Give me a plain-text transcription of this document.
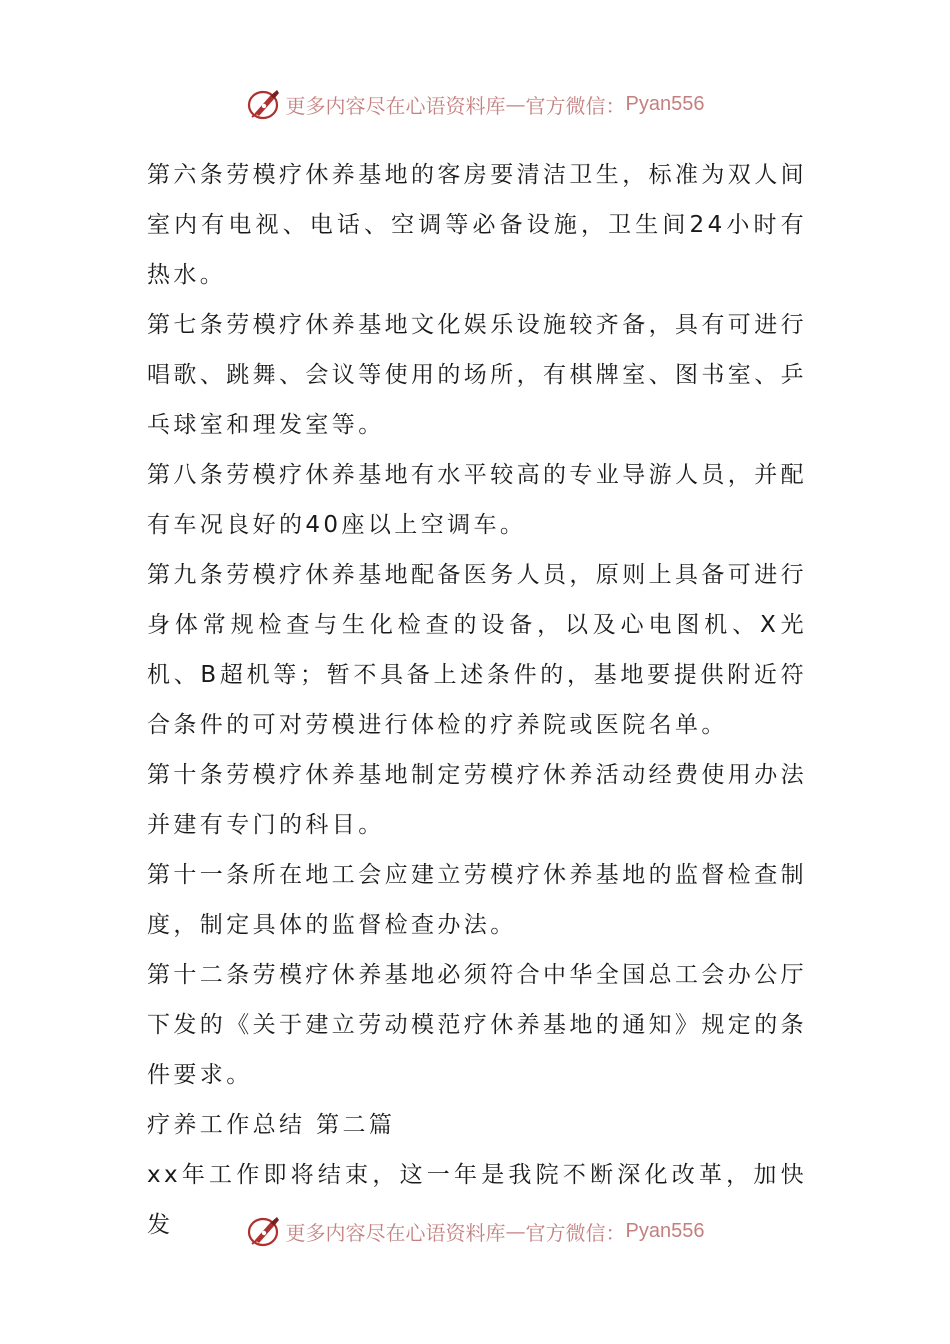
更多内容尽在心语资料库 — 官方微信： Pyan556

第六条劳模疗休养基地的客房要清洁卫生，标准为双人间室内有电视、电话、空调等必备设施，卫生间24小时有热水。

第七条劳模疗休养基地文化娱乐设施较齐备，具有可进行唱歌、跳舞、会议等使用的场所，有棋牌室、图书室、乒乓球室和理发室等。

第八条劳模疗休养基地有水平较高的专业导游人员，并配有车况良好的40座以上空调车。

第九条劳模疗休养基地配备医务人员，原则上具备可进行身体常规检查与生化检查的设备，以及心电图机、X光机、B超机等；暂不具备上述条件的，基地要提供附近符合条件的可对劳模进行体检的疗养院或医院名单。

第十条劳模疗休养基地制定劳模疗休养活动经费使用办法并建有专门的科目。

第十一条所在地工会应建立劳模疗休养基地的监督检查制度，制定具体的监督检查办法。

第十二条劳模疗休养基地必须符合中华全国总工会办公厅下发的《关于建立劳动模范疗休养基地的通知》规定的条件要求。

疗养工作总结 第二篇

xx年工作即将结束，这一年是我院不断深化改革，加快发	更多内容尽在心语资料库 — 官方微信： Pyan556
